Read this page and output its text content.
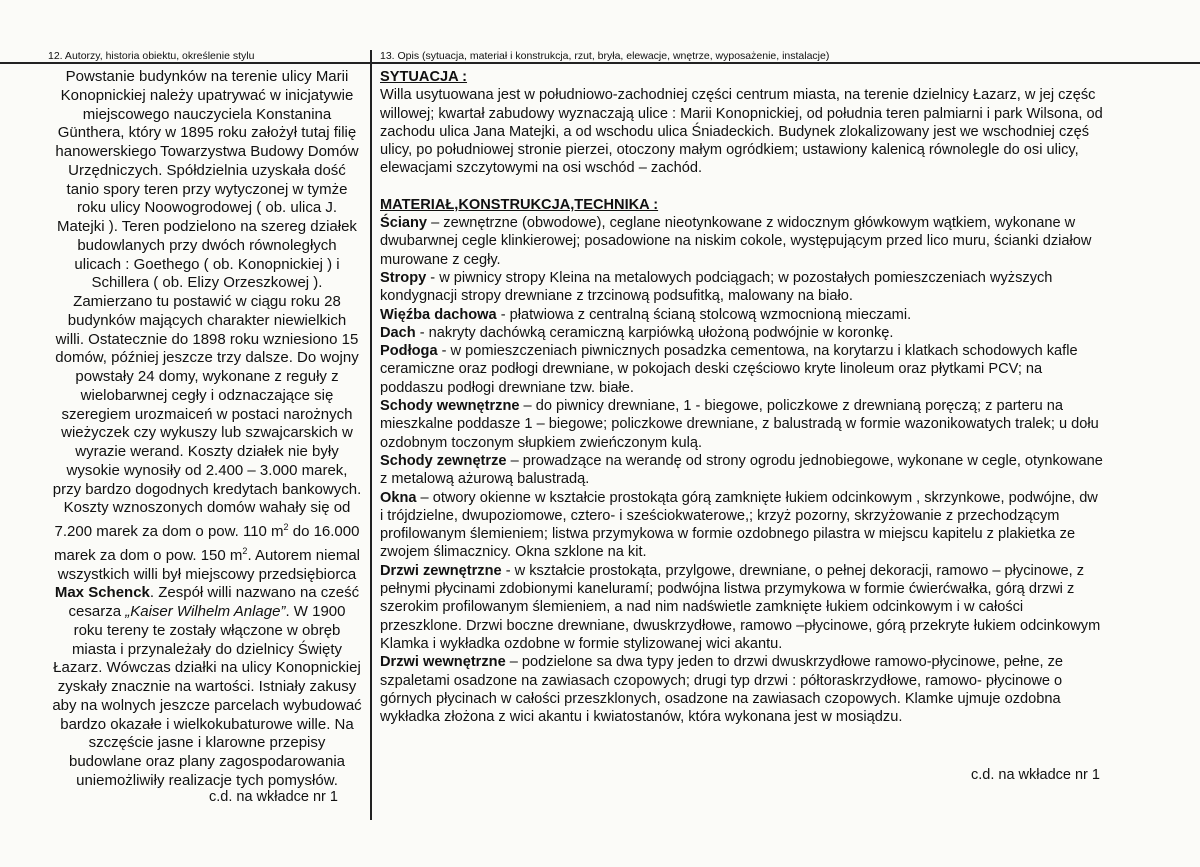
12. Autorzy, historia obiektu, określenie stylu	13. Opis (sytuacja, materiał i konstrukcja, rzut, bryła, elewacje, wnętrze, wyposażenie, instalacje)

Powstanie budynków na terenie ulicy Marii

Konopnickiej należy upatrywać w inicjatywie

miejscowego nauczyciela Konstanina

Günthera, który w 1895 roku założył tutaj filię

hanowerskiego Towarzystwa Budowy Domów

Urzędniczych. Spółdzielnia uzyskała dość

tanio spory teren przy wytyczonej w tymże

roku ulicy Noowogrodowej ( ob. ulica J.

Matejki ). Teren podzielono na szereg działek

budowlanych przy dwóch równoległych

ulicach : Goethego ( ob. Konopnickiej ) i

Schillera ( ob. Elizy Orzeszkowej ).

Zamierzano tu postawić w ciągu roku 28

budynków mających charakter niewielkich

willi. Ostatecznie do 1898 roku wzniesiono 15

domów, później jeszcze trzy dalsze. Do wojny

powstały 24 domy, wykonane z reguły z

wielobarwnej cegły i odznaczające się

szeregiem urozmaiceń w postaci narożnych

wieżyczek czy wykuszy lub szwajcarskich w

wyrazie werand. Koszty działek nie były

wysokie wynosiły od 2.400 – 3.000 marek,

przy bardzo dogodnych kredytach bankowych.

Koszty wznoszonych domów wahały się od

7.200 marek za dom o pow. 110 $m^2$ do 16.000

marek za dom o pow. 150 $m^2$. Autorem niemal

wszystkich willi był miejscowy przedsiębiorca

Max Schenck. Zespół willi nazwano na cześć

cesarza „Kaiser Wilhelm Anlage”. W 1900

roku tereny te zostały włączone w obręb

miasta i przynależały do dzielnicy Święty

Łazarz. Wówczas działki na ulicy Konopnickiej

zyskały znacznie na wartości. Istniały zakusy

aby na wolnych jeszcze parcelach wybudować

bardzo okazałe i wielkokubaturowe wille. Na

szczęście jasne i klarowne przepisy

budowlane oraz plany zagospodarowania

uniemożliwiły realizacje tych pomysłów.

c.d. na wkładce nr 1
SYTUACJA :
Willa usytuowana jest w południowo-zachodniej części centrum miasta, na terenie dzielnicy Łazarz, w jej częśc
willowej; kwartał zabudowy wyznaczają ulice : Marii Konopnickiej, od południa teren palmiarni i park Wilsona, od
zachodu ulica Jana Matejki, a od wschodu ulica Śniadeckich. Budynek zlokalizowany jest we wschodniej częś
ulicy, po południowej stronie pierzei, otoczony małym ogródkiem; ustawiony kalenicą równolegle do osi ulicy,
elewacjami szczytowymi na osi wschód – zachód.
MATERIAŁ,KONSTRUKCJA,TECHNIKA :
Ściany – zewnętrzne (obwodowe), ceglane nieotynkowane z widocznym główkowym wątkiem, wykonane w
dwubarwnej cegle klinkierowej; posadowione na niskim cokole, występującym przed lico muru, ścianki działow
murowane z cegły.
Stropy - w piwnicy stropy Kleina na metalowych podciągach; w pozostałych pomieszczeniach wyższych
kondygnacji stropy drewniane z trzcinową podsufitką, malowany na biało.
Więźba dachowa - płatwiowa z centralną ścianą stolcową wzmocnioną mieczami.
Dach - nakryty dachówką ceramiczną karpiówką ułożoną podwójnie w koronkę.
Podłoga - w pomieszczeniach piwnicznych posadzka cementowa, na korytarzu i klatkach schodowych kafle
ceramiczne oraz podłogi drewniane, w pokojach deski częściowo kryte linoleum oraz płytkami PCV; na
poddaszu podłogi drewniane tzw. białe.
Schody wewnętrzne – do piwnicy drewniane, 1 - biegowe, policzkowe z drewnianą poręczą; z parteru na
mieszkalne poddasze 1 – biegowe; policzkowe drewniane, z balustradą w formie wazonikowatych tralek; u dołu
ozdobnym toczonym słupkiem zwieńczonym kulą.
Schody zewnętrze – prowadzące na werandę od strony ogrodu jednobiegowe, wykonane w cegle, otynkowane
z metalową ażurową balustradą.
Okna – otwory okienne w kształcie prostokąta górą zamknięte łukiem odcinkowym , skrzynkowe, podwójne, dw
i trójdzielne, dwupoziomowe, cztero- i sześciokwaterowe,; krzyż pozorny, skrzyżowanie z przechodzącym
profilowanym ślemieniem; listwa przymykowa w formie ozdobnego pilastra w miejscu kapitelu z plakietka ze
zwojem ślimacznicy. Okna szklone na kit.
Drzwi zewnętrzne - w kształcie prostokąta, przylgowe, drewniane, o pełnej dekoracji, ramowo – płycinowe, z
pełnymi płycinami zdobionymi kaneluramí; podwójna listwa przymykowa w formie ćwierćwałka, górą drzwi z
szerokim profilowanym ślemieniem, a nad nim nadświetle zamknięte łukiem odcinkowym i w całości
przeszklone. Drzwi boczne drewniane, dwuskrzydłowe, ramowo –płycinowe, górą przekryte łukiem odcinkowym
Klamka i wykładka ozdobne w formie stylizowanej wici akantu.
Drzwi wewnętrzne – podzielone sa dwa typy jeden to drzwi dwuskrzydłowe ramowo-płycinowe, pełne, ze
szpaletami osadzone na zawiasach czopowych; drugi typ drzwi : półtoraskrzydłowe, ramowo- płycinowe o
górnych płycinach w całości przeszklonych, osadzone na zawiasach czopowych. Klamke ujmuje ozdobna
wykładka złożona z wici akantu i kwiatostanów, która wykonana jest w mosiądzu.
c.d. na wkładce nr 1
